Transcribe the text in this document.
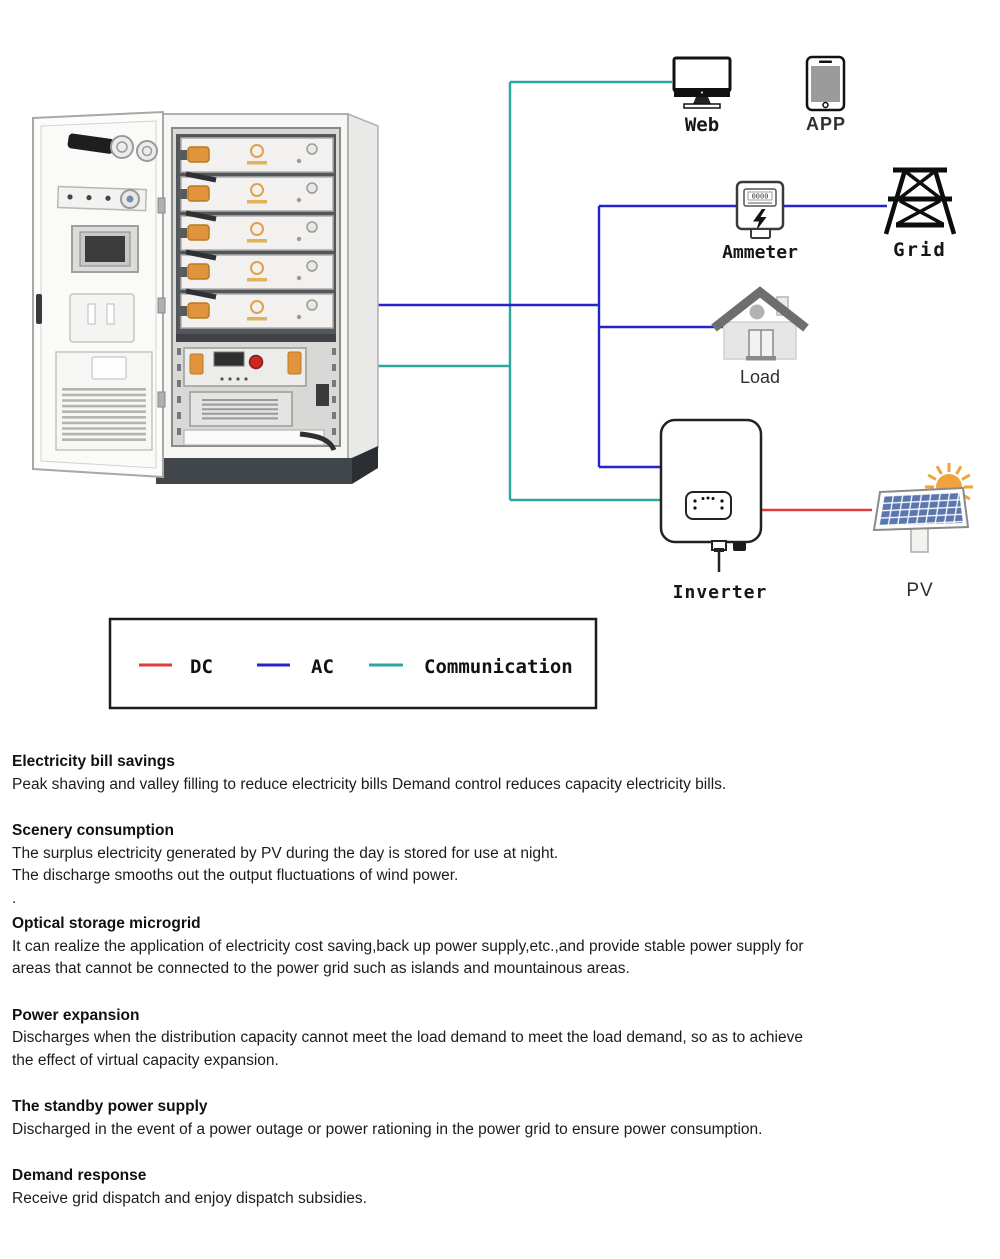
Web	APP
0000
Ammeter	Grid
Load
Inverter	PV
DC	AC	Communication
Electricity bill savings

Peak shaving and valley filling to reduce electricity bills Demand control reduces capacity electricity bills.

Scenery consumption

The surplus electricity generated by PV during the day is stored for use at night.

The discharge smooths out the output fluctuations of wind power.

.

Optical storage microgrid

It can realize the application of electricity cost saving,back up power supply,etc.,and provide stable power supply for

areas that cannot be connected to the power grid such as islands and mountainous areas.

Power expansion

Discharges when the distribution capacity cannot meet the load demand to meet the load demand, so as to achieve

the effect of virtual capacity expansion.

The standby power supply

Discharged in the event of a power outage or power rationing in the power grid to ensure power consumption.

Demand response

Receive grid dispatch and enjoy dispatch subsidies.
